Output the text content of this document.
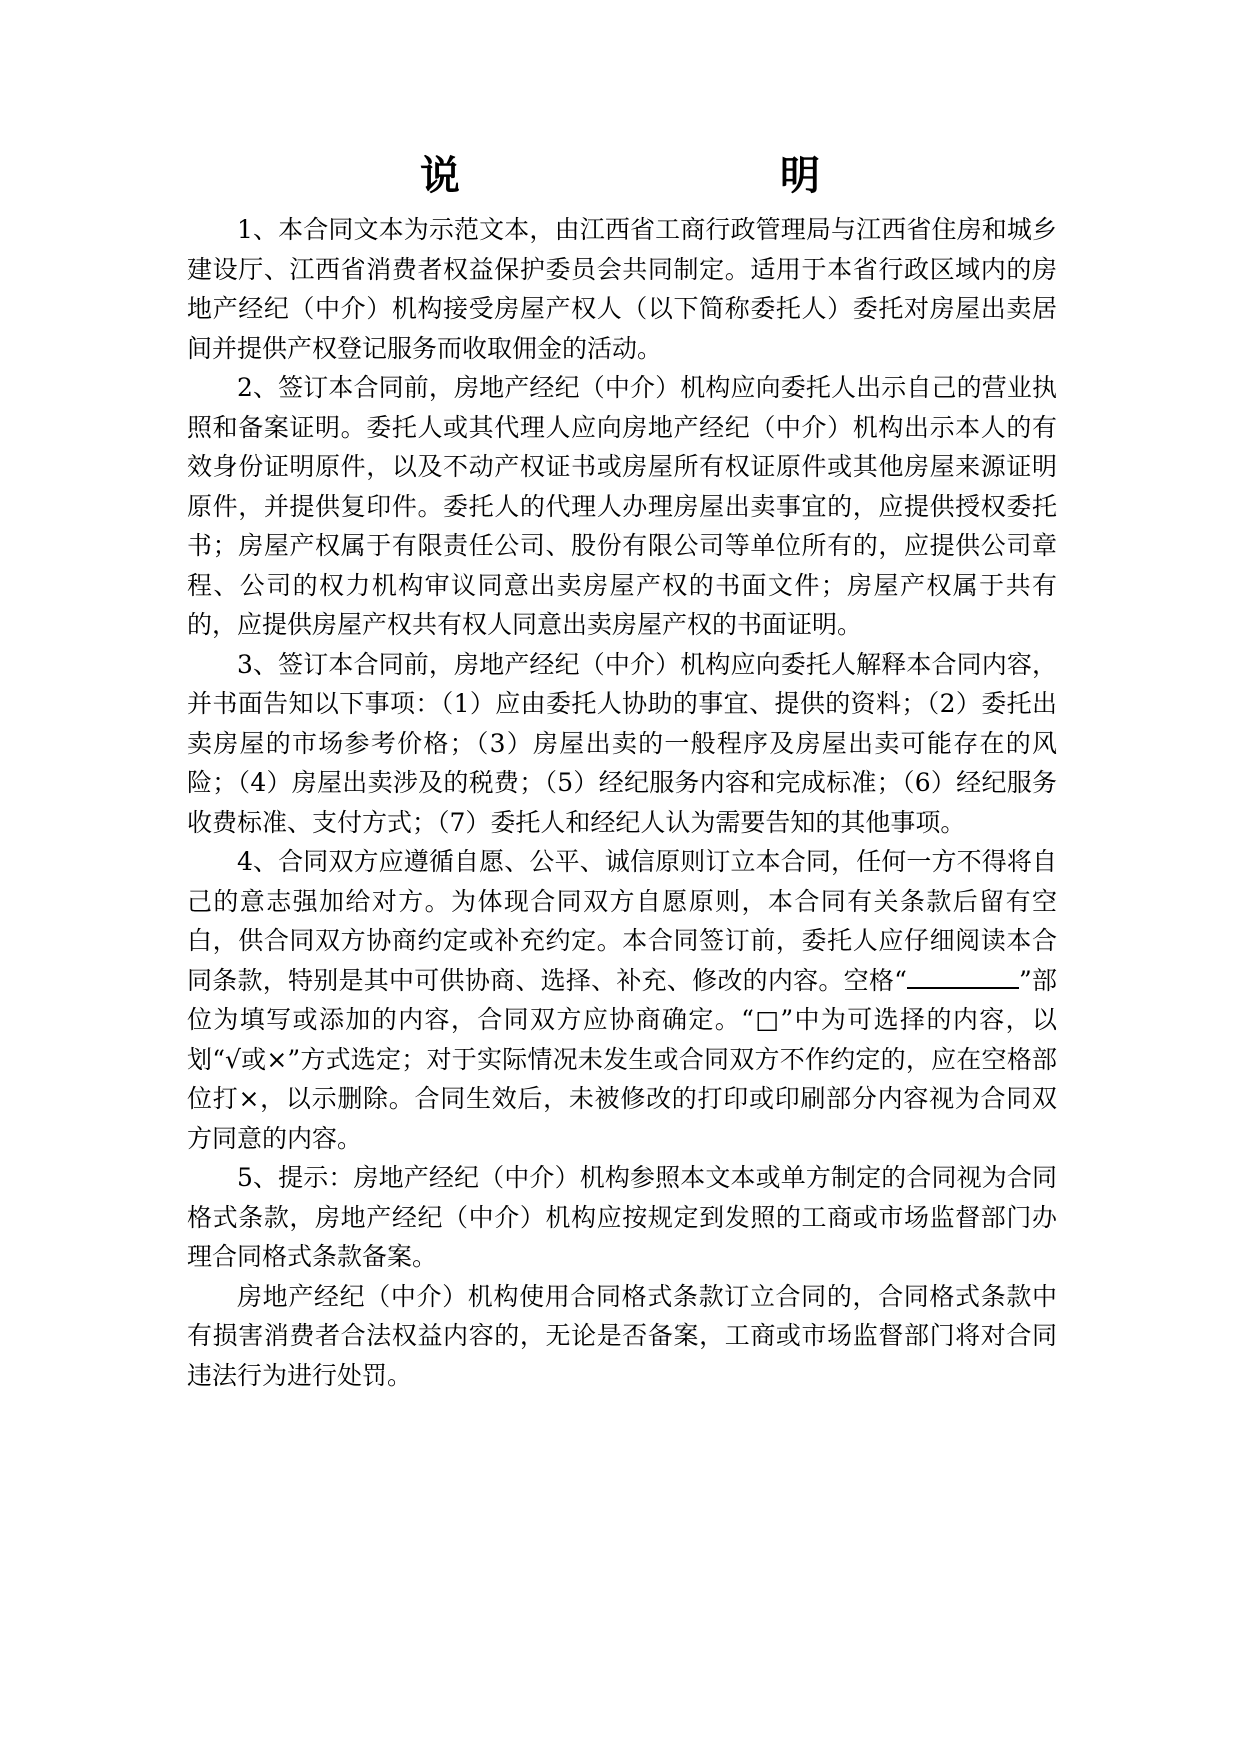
说　　明

1、本合同文本为示范文本，由江西省工商行政管理局与江西省住房和城乡建设厅、江西省消费者权益保护委员会共同制定。适用于本省行政区域内的房地产经纪（中介）机构接受房屋产权人（以下简称委托人）委托对房屋出卖居间并提供产权登记服务而收取佣金的活动。

2、签订本合同前，房地产经纪（中介）机构应向委托人出示自己的营业执照和备案证明。委托人或其代理人应向房地产经纪（中介）机构出示本人的有效身份证明原件，以及不动产权证书或房屋所有权证原件或其他房屋来源证明原件，并提供复印件。委托人的代理人办理房屋出卖事宜的，应提供授权委托书；房屋产权属于有限责任公司、股份有限公司等单位所有的，应提供公司章程、公司的权力机构审议同意出卖房屋产权的书面文件；房屋产权属于共有的，应提供房屋产权共有权人同意出卖房屋产权的书面证明。

3、签订本合同前，房地产经纪（中介）机构应向委托人解释本合同内容，并书面告知以下事项：（1）应由委托人协助的事宜、提供的资料；（2）委托出卖房屋的市场参考价格；（3）房屋出卖的一般程序及房屋出卖可能存在的风险；（4）房屋出卖涉及的税费；（5）经纪服务内容和完成标准；（6）经纪服务收费标准、支付方式；（7）委托人和经纪人认为需要告知的其他事项。

4、合同双方应遵循自愿、公平、诚信原则订立本合同，任何一方不得将自己的意志强加给对方。为体现合同双方自愿原则，本合同有关条款后留有空白，供合同双方协商约定或补充约定。本合同签订前，委托人应仔细阅读本合同条款，特别是其中可供协商、选择、补充、修改的内容。空格“	”部位为填写或添加的内容，合同双方应协商确定。“□”中为可选择的内容，以划“√或×”方式选定；对于实际情况未发生或合同双方不作约定的，应在空格部位打×，以示删除。合同生效后，未被修改的打印或印刷部分内容视为合同双方同意的内容。

5、提示：房地产经纪（中介）机构参照本文本或单方制定的合同视为合同格式条款，房地产经纪（中介）机构应按规定到发照的工商或市场监督部门办理合同格式条款备案。

房地产经纪（中介）机构使用合同格式条款订立合同的，合同格式条款中有损害消费者合法权益内容的，无论是否备案，工商或市场监督部门将对合同违法行为进行处罚。
